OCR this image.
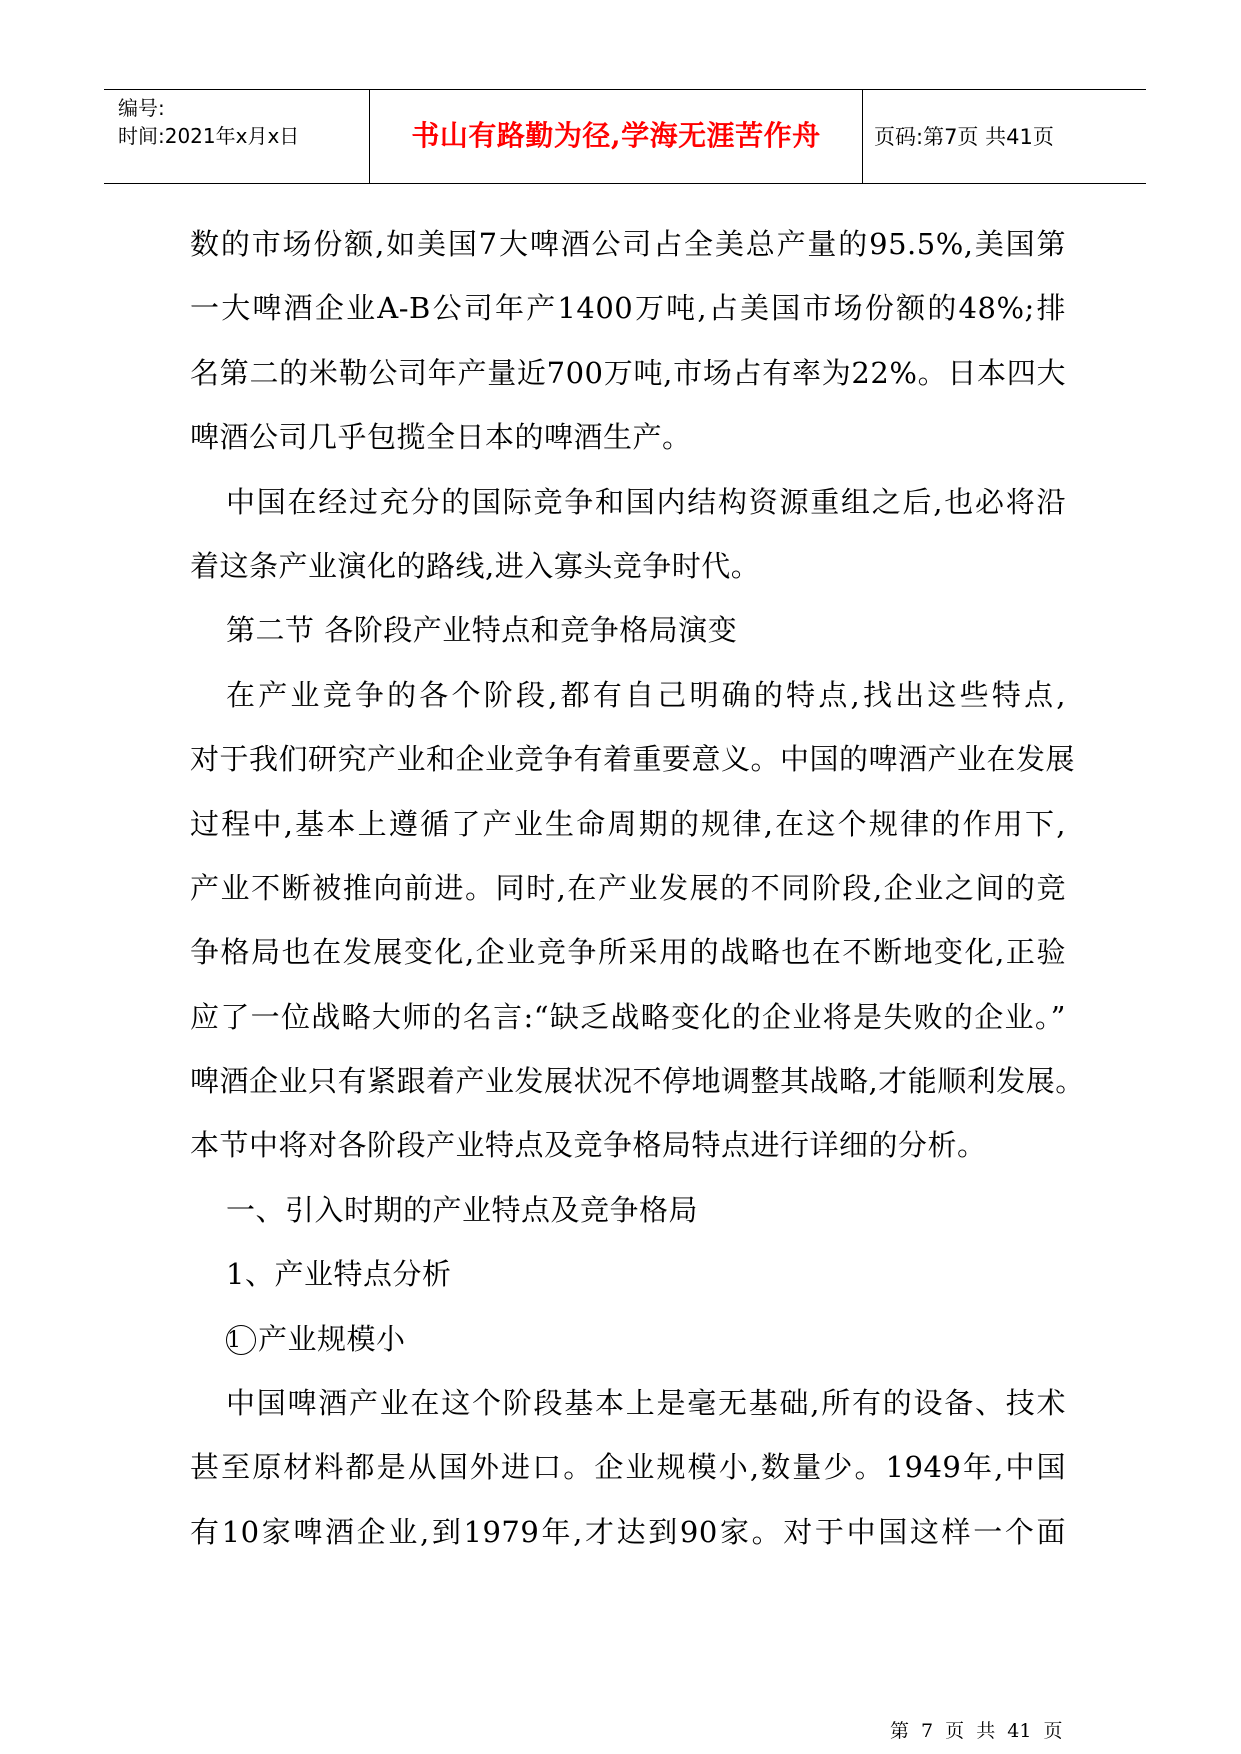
编号:
时间:2021年x月x日	书山有路勤为径,学海无涯苦作舟	页码:第7页 共41页
数的市场份额,如美国7大啤酒公司占全美总产量的95.5%,美国第
一大啤酒企业A-B公司年产1400万吨,占美国市场份额的48%;排
名第二的米勒公司年产量近700万吨,市场占有率为22%。日本四大
啤酒公司几乎包揽全日本的啤酒生产。
中国在经过充分的国际竞争和国内结构资源重组之后,也必将沿
着这条产业演化的路线,进入寡头竞争时代。
第二节 各阶段产业特点和竞争格局演变
在产业竞争的各个阶段,都有自己明确的特点,找出这些特点,
对于我们研究产业和企业竞争有着重要意义。中国的啤酒产业在发展
过程中,基本上遵循了产业生命周期的规律,在这个规律的作用下,
产业不断被推向前进。同时,在产业发展的不同阶段,企业之间的竞
争格局也在发展变化,企业竞争所采用的战略也在不断地变化,正验
应了一位战略大师的名言:“缺乏战略变化的企业将是失败的企业。”
啤酒企业只有紧跟着产业发展状况不停地调整其战略,才能顺利发展。
本节中将对各阶段产业特点及竞争格局特点进行详细的分析。
一、引入时期的产业特点及竞争格局
1、产业特点分析
1 产业规模小
中国啤酒产业在这个阶段基本上是毫无基础,所有的设备、技术
甚至原材料都是从国外进口。企业规模小,数量少。1949年,中国
有10家啤酒企业,到1979年,才达到90家。对于中国这样一个面
第 7 页 共 41 页
